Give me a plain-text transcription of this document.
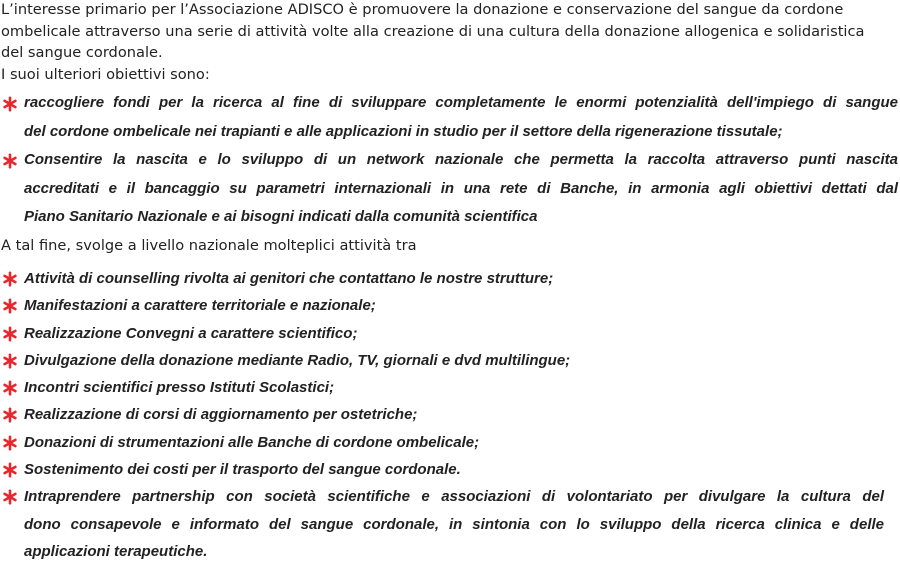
L’interesse primario per l’Associazione ADISCO è promuovere la donazione e conservazione del sangue da cordone
ombelicale attraverso una serie di attività volte alla creazione di una cultura della donazione allogenica e solidaristica
del sangue cordonale.
I suoi ulteriori obiettivi sono:

raccogliere fondi per la ricerca al fine di sviluppare completamente le enormi potenzialità dell'impiego di sangue
del cordone ombelicale nei trapianti e alle applicazioni in studio per il settore della rigenerazione tissutale;
Consentire la nascita e lo sviluppo di un network nazionale che permetta la raccolta attraverso punti nascita
accreditati e il bancaggio su parametri internazionali in una rete di Banche, in armonia agli obiettivi dettati dal
Piano Sanitario Nazionale e ai bisogni indicati dalla comunità scientifica

A tal fine, svolge a livello nazionale molteplici attività tra

Attività di counselling rivolta ai genitori che contattano le nostre strutture;
Manifestazioni a carattere territoriale e nazionale;
Realizzazione Convegni a carattere scientifico;
Divulgazione della donazione mediante Radio, TV, giornali e dvd multilingue;
Incontri scientifici presso Istituti Scolastici;
Realizzazione di corsi di aggiornamento per ostetriche;
Donazioni di strumentazioni alle Banche di cordone ombelicale;
Sostenimento dei costi per il trasporto del sangue cordonale.
Intraprendere partnership con società scientifiche e associazioni di volontariato per divulgare la cultura del
dono consapevole e informato del sangue cordonale, in sintonia con lo sviluppo della ricerca clinica e delle
applicazioni terapeutiche.
